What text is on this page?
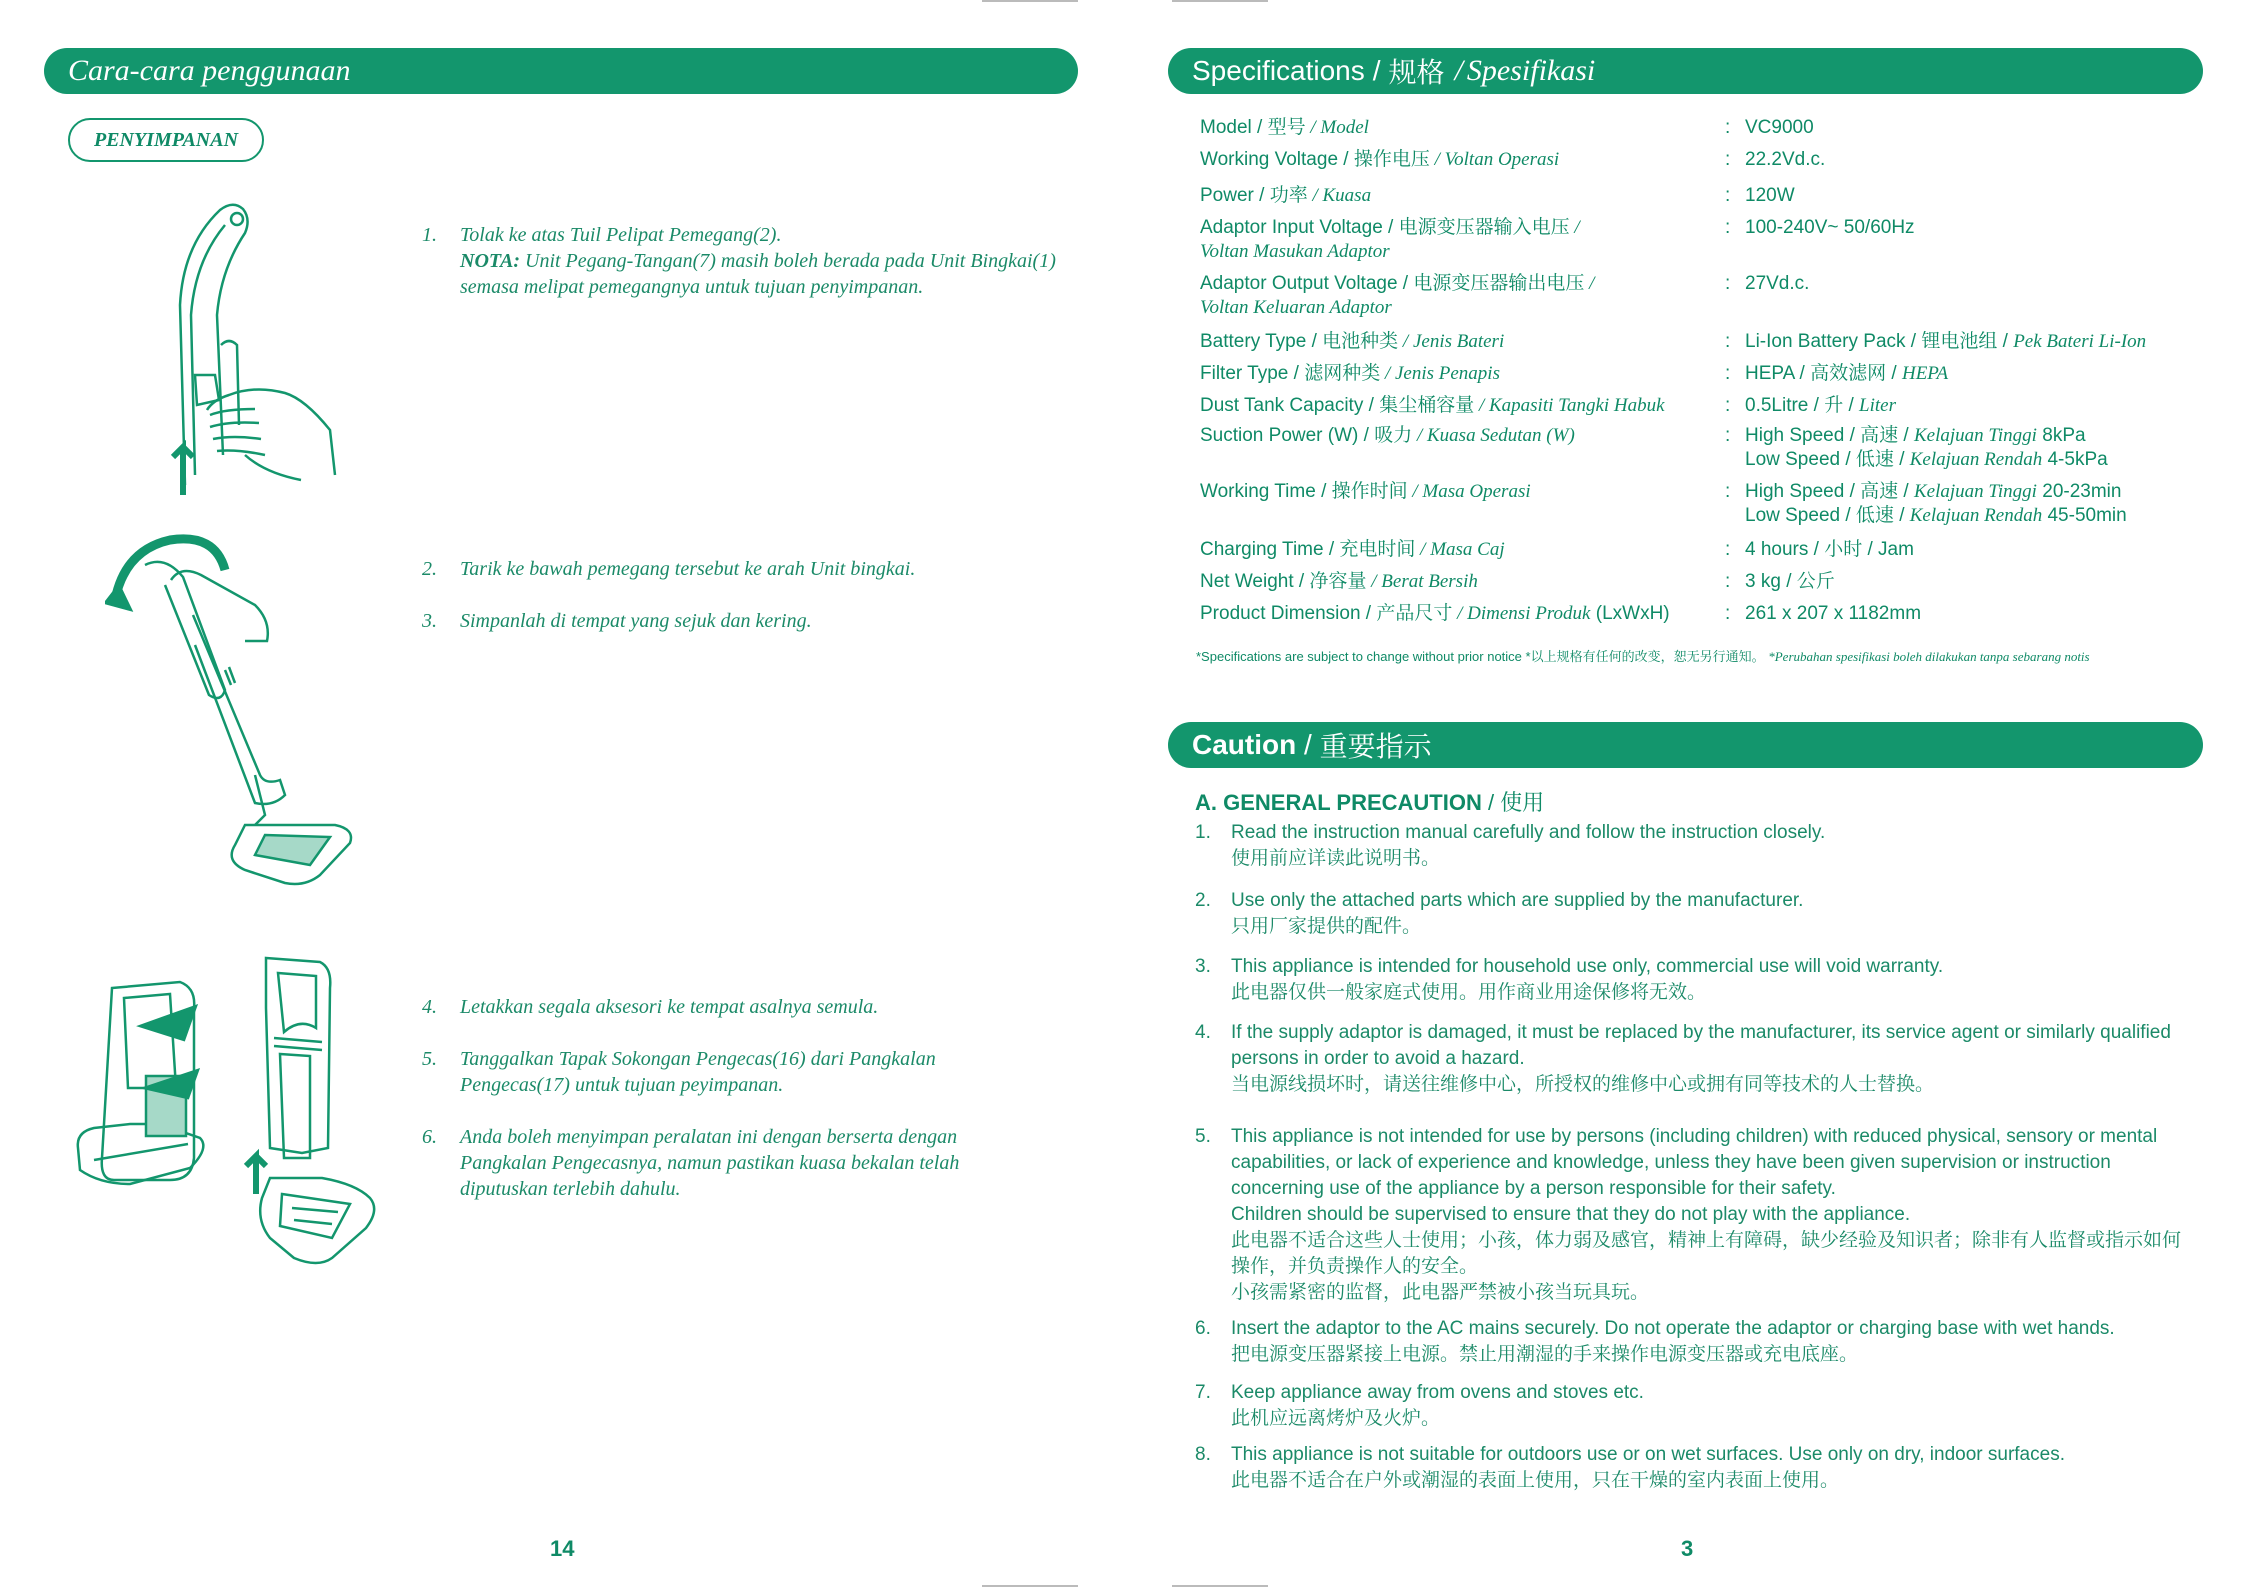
Cara-cara penggunaan
PENYIMPANAN
1. Tolak ke atas Tuil Pelipat Pemegang(2).
NOTA: Unit Pegang-Tangan(7) masih boleh berada pada Unit Bingkai(1) semasa melipat pemegangnya untuk tujuan penyimpanan.
2. Tarik ke bawah pemegang tersebut ke arah Unit bingkai.
3. Simpanlah di tempat yang sejuk dan kering.
4. Letakkan segala aksesori ke tempat asalnya semula.
5. Tanggalkan Tapak Sokongan Pengecas(16) dari Pangkalan Pengecas(17) untuk tujuan peyimpanan.
6. Anda boleh menyimpan peralatan ini dengan berserta dengan Pangkalan Pengecasnya, namun pastikan kuasa bekalan telah diputuskan terlebih dahulu.
14
Specifications / 规格 / Spesifikasi
Model / 型号 / Model	: VC9000
Working Voltage / 操作电压 / Voltan Operasi	: 22.2Vd.c.
Power / 功率 / Kuasa	: 120W
Adaptor Input Voltage / 电源变压器输入电压 /
Voltan Masukan Adaptor
: 100-240V~ 50/60Hz
Adaptor Output Voltage / 电源变压器输出电压 /
Voltan Keluaran Adaptor
: 27Vd.c.
Battery Type / 电池种类 / Jenis Bateri	: Li-Ion Battery Pack / 锂电池组 / Pek Bateri Li-Ion
Filter Type / 滤网种类 / Jenis Penapis	: HEPA / 高效滤网 / HEPA
Dust Tank Capacity / 集尘桶容量 / Kapasiti Tangki Habuk	: 0.5Litre / 升 / Liter
Suction Power (W) / 吸力 / Kuasa Sedutan (W)	: High Speed / 高速 / Kelajuan Tinggi 8kPa
Low Speed / 低速 / Kelajuan Rendah 4-5kPa
Working Time / 操作时间 / Masa Operasi	: High Speed / 高速 / Kelajuan Tinggi 20-23min
Low Speed / 低速 / Kelajuan Rendah 45-50min
Charging Time / 充电时间 / Masa Caj	: 4 hours / 小时 / Jam
Net Weight / 净容量 / Berat Bersih	: 3 kg / 公斤
Product Dimension / 产品尺寸 / Dimensi Produk (LxWxH)	: 261 x 207 x 1182mm
*Specifications are subject to change without prior notice *以上规格有任何的改变，恕无另行通知。 *Perubahan spesifikasi boleh dilakukan tanpa sebarang notis
Caution / 重要指示
A. GENERAL PRECAUTION / 使用
1. Read the instruction manual carefully and follow the instruction closely.
使用前应详读此说明书。
2. Use only the attached parts which are supplied by the manufacturer.
只用厂家提供的配件。
3. This appliance is intended for household use only, commercial use will void warranty.
此电器仅供一般家庭式使用。用作商业用途保修将无效。
4. If the supply adaptor is damaged, it must be replaced by the manufacturer, its service agent or similarly qualified persons in order to avoid a hazard.
当电源线损坏时，请送往维修中心，所授权的维修中心或拥有同等技术的人士替换。
5. This appliance is not intended for use by persons (including children) with reduced physical, sensory or mental capabilities, or lack of experience and knowledge, unless they have been given supervision or instruction concerning use of the appliance by a person responsible for their safety.
Children should be supervised to ensure that they do not play with the appliance.
此电器不适合这些人士使用；小孩，体力弱及感官，精神上有障碍，缺少经验及知识者；除非有人监督或指示如何操作，并负责操作人的安全。
小孩需紧密的监督，此电器严禁被小孩当玩具玩。
6. Insert the adaptor to the AC mains securely. Do not operate the adaptor or charging base with wet hands.
把电源变压器紧接上电源。禁止用潮湿的手来操作电源变压器或充电底座。
7. Keep appliance away from ovens and stoves etc.
此机应远离烤炉及火炉。
8. This appliance is not suitable for outdoors use or on wet surfaces. Use only on dry, indoor surfaces.
此电器不适合在户外或潮湿的表面上使用，只在干燥的室内表面上使用。
3
